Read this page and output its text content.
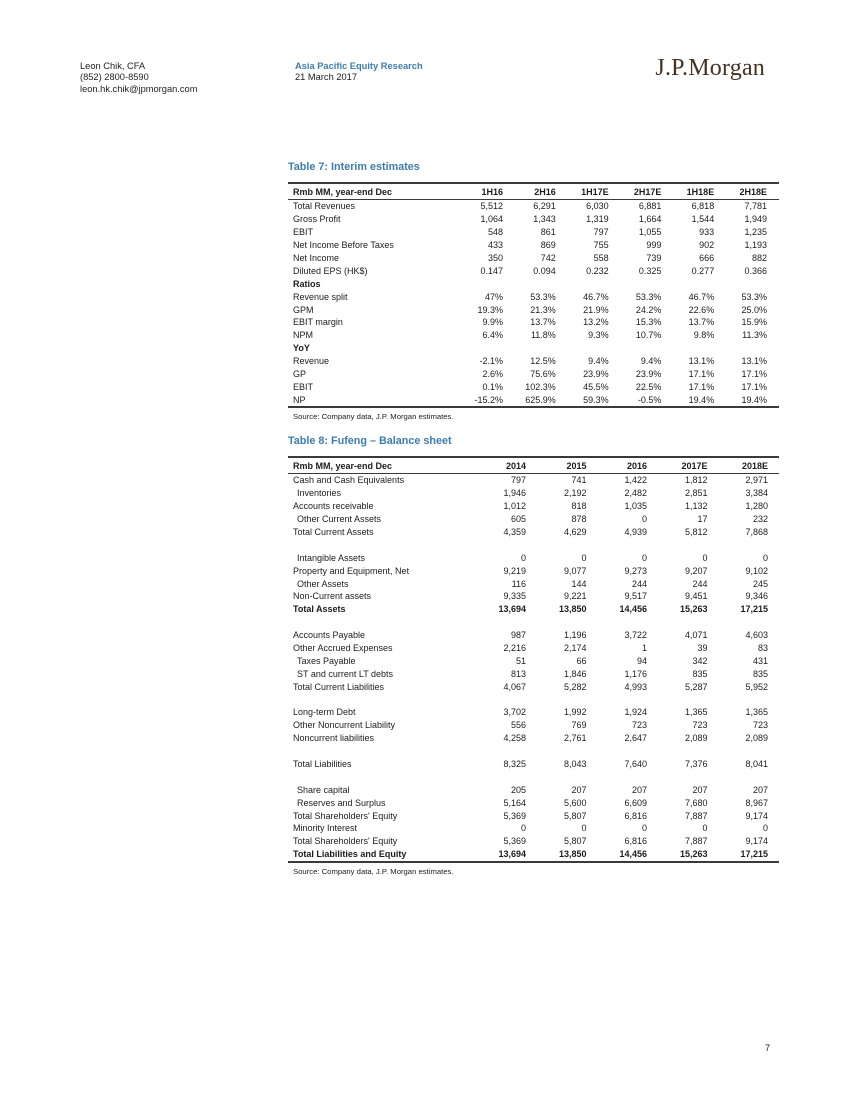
Leon Chik, CFA
(852) 2800-8590
leon.hk.chik@jpmorgan.com
Asia Pacific Equity Research
21 March 2017	J.P.Morgan
Table 7: Interim estimates
Rmb MM, year-end Dec	1H16	2H16	1H17E	2H17E	1H18E	2H18E
Total Revenues	5,512	6,291	6,030	6,881	6,818	7,781
Gross Profit	1,064	1,343	1,319	1,664	1,544	1,949
EBIT	548	861	797	1,055	933	1,235
Net Income Before Taxes	433	869	755	999	902	1,193
Net Income	350	742	558	739	666	882
Diluted EPS (HK$)	0.147	0.094	0.232	0.325	0.277	0.366
Ratios
Revenue split	47%	53.3%	46.7%	53.3%	46.7%	53.3%
GPM	19.3%	21.3%	21.9%	24.2%	22.6%	25.0%
EBIT margin	9.9%	13.7%	13.2%	15.3%	13.7%	15.9%
NPM	6.4%	11.8%	9.3%	10.7%	9.8%	11.3%
YoY
Revenue	-2.1%	12.5%	9.4%	9.4%	13.1%	13.1%
GP	2.6%	75.6%	23.9%	23.9%	17.1%	17.1%
EBIT	0.1%	102.3%	45.5%	22.5%	17.1%	17.1%
NP	-15.2%	625.9%	59.3%	-0.5%	19.4%	19.4%
Source: Company data, J.P. Morgan estimates.
Table 8: Fufeng – Balance sheet
Rmb MM, year-end Dec	2014	2015	2016	2017E	2018E
Cash and Cash Equivalents	797	741	1,422	1,812	2,971
Inventories	1,946	2,192	2,482	2,851	3,384
Accounts receivable	1,012	818	1,035	1,132	1,280
Other Current Assets	605	878	0	17	232
Total Current Assets	4,359	4,629	4,939	5,812	7,868
Intangible Assets	0	0	0	0	0
Property and Equipment, Net	9,219	9,077	9,273	9,207	9,102
Other Assets	116	144	244	244	245
Non-Current assets	9,335	9,221	9,517	9,451	9,346
Total Assets	13,694	13,850	14,456	15,263	17,215
Accounts Payable	987	1,196	3,722	4,071	4,603
Other Accrued Expenses	2,216	2,174	1	39	83
Taxes Payable	51	66	94	342	431
ST and current LT debts	813	1,846	1,176	835	835
Total Current Liabilities	4,067	5,282	4,993	5,287	5,952
Long-term Debt	3,702	1,992	1,924	1,365	1,365
Other Noncurrent Liability	556	769	723	723	723
Noncurrent liabilities	4,258	2,761	2,647	2,089	2,089
Total Liabilities	8,325	8,043	7,640	7,376	8,041
Share capital	205	207	207	207	207
Reserves and Surplus	5,164	5,600	6,609	7,680	8,967
Total Shareholders' Equity	5,369	5,807	6,816	7,887	9,174
Minority Interest	0	0	0	0	0
Total Shareholders' Equity	5,369	5,807	6,816	7,887	9,174
Total Liabilities and Equity	13,694	13,850	14,456	15,263	17,215
Source: Company data, J.P. Morgan estimates.
7
